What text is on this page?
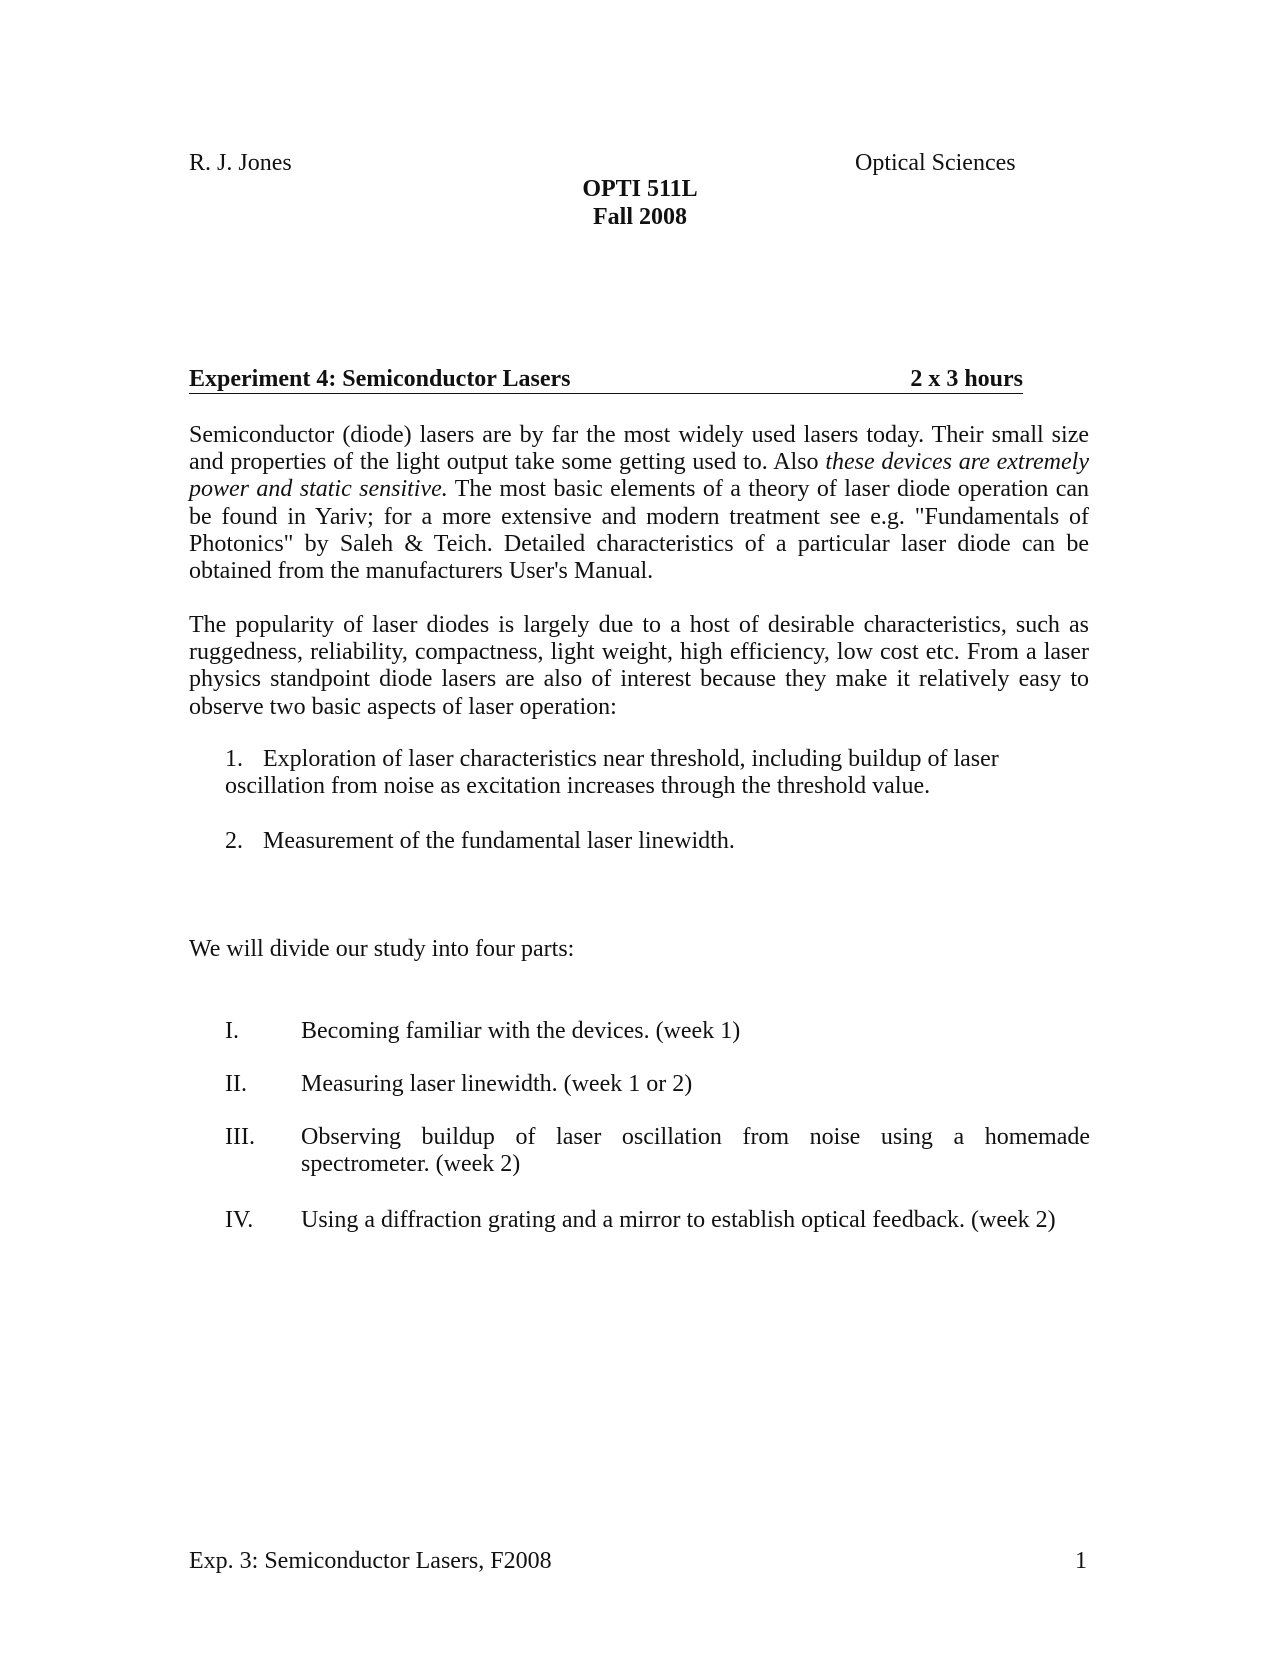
R. J. Jones	Optical Sciences
OPTI 511L
Fall 2008
Experiment 4: Semiconductor Lasers	2 x 3 hours
Semiconductor (diode) lasers are by far the most widely used lasers today. Their small size and properties of the light output take some getting used to. Also these devices are extremely power and static sensitive. The most basic elements of a theory of laser diode operation can be found in Yariv; for a more extensive and modern treatment see e.g. "Fundamentals of Photonics" by Saleh & Teich. Detailed characteristics of a particular laser diode can be obtained from the manufacturers User's Manual.
The popularity of laser diodes is largely due to a host of desirable characteristics, such as ruggedness, reliability, compactness, light weight, high efficiency, low cost etc. From a laser physics standpoint diode lasers are also of interest because they make it relatively easy to observe two basic aspects of laser operation:
1. Exploration of laser characteristics near threshold, including buildup of laser
oscillation from noise as excitation increases through the threshold value.
2. Measurement of the fundamental laser linewidth.
We will divide our study into four parts:
I.	Becoming familiar with the devices. (week 1)
II. Measuring laser linewidth. (week 1 or 2)
III. Observing buildup of laser oscillation from noise using a homemade spectrometer. (week 2)
IV. Using a diffraction grating and a mirror to establish optical feedback. (week 2)
Exp. 3: Semiconductor Lasers, F2008	1
